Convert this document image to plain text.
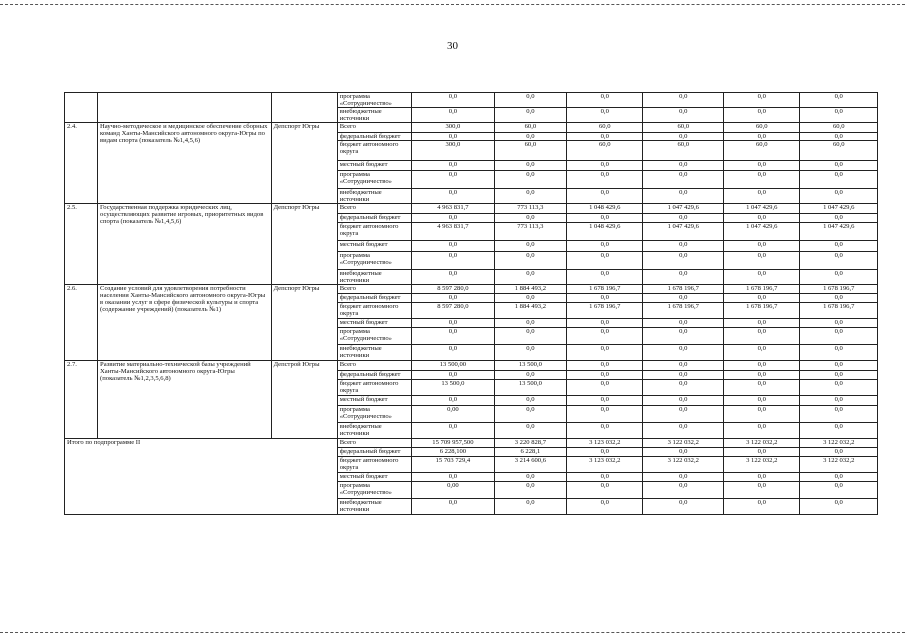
30
			программа «Сотрудничество»	0,0	0,0	0,0	0,0	0,0	0,0
			внебюджетные источники	0,0	0,0	0,0	0,0	0,0	0,0
2.4.	Научно-методическое и медицинское обеспечение сборных команд Ханты-Мансийского автономного округа-Югры по видам спорта (показатель №1,4,5,6)	Депспорт Югры	Всего	300,0	60,0	60,0	60,0	60,0	60,0
			федеральный бюджет	0,0	0,0	0,0	0,0	0,0	0,0
			бюджет автономного округа	300,0	60,0	60,0	60,0	60,0	60,0
			местный бюджет	0,0	0,0	0,0	0,0	0,0	0,0
			программа «Сотрудничество»	0,0	0,0	0,0	0,0	0,0	0,0
			внебюджетные источники	0,0	0,0	0,0	0,0	0,0	0,0
2.5.	Государственная поддержка юридических лиц, осуществляющих развитие игровых, приоритетных видов спорта (показатель №1,4,5,6)	Депспорт Югры	Всего	4 963 831,7	773 113,3	1 048 429,6	1 047 429,6	1 047 429,6	1 047 429,6
			федеральный бюджет	0,0	0,0	0,0	0,0	0,0	0,0
			бюджет автономного округа	4 963 831,7	773 113,3	1 048 429,6	1 047 429,6	1 047 429,6	1 047 429,6
			местный бюджет	0,0	0,0	0,0	0,0	0,0	0,0
			программа «Сотрудничество»	0,0	0,0	0,0	0,0	0,0	0,0
			внебюджетные источники	0,0	0,0	0,0	0,0	0,0	0,0
2.6.	Создание условий для удовлетворения потребности населения Ханты-Мансийского автономного округа-Югры в оказании услуг в сфере физической культуры и спорта (содержание учреждений) (показатель №1)	Депспорт Югры	Всего	8 597 280,0	1 884 493,2	1 678 196,7	1 678 196,7	1 678 196,7	1 678 196,7
			федеральный бюджет	0,0	0,0	0,0	0,0	0,0	0,0
			бюджет автономного округа	8 597 280,0	1 884 493,2	1 678 196,7	1 678 196,7	1 678 196,7	1 678 196,7
			местный бюджет	0,0	0,0	0,0	0,0	0,0	0,0
			программа «Сотрудничество»	0,0	0,0	0,0	0,0	0,0	0,0
			внебюджетные источники	0,0	0,0	0,0	0,0	0,0	0,0
2.7.	Развитие материально-технической базы учреждений Ханты-Мансийского автономного округа-Югры (показатель №1,2,3,5,6,8)	Депстрой Югры	Всего	13 500,00	13 500,0	0,0	0,0	0,0	0,0
			федеральный бюджет	0,0	0,0	0,0	0,0	0,0	0,0
			бюджет автономного округа	13 500,0	13 500,0	0,0	0,0	0,0	0,0
			местный бюджет	0,0	0,0	0,0	0,0	0,0	0,0
			программа «Сотрудничество»	0,00	0,0	0,0	0,0	0,0	0,0
			внебюджетные источники	0,0	0,0	0,0	0,0	0,0	0,0
Итого по подпрограмме II			Всего	15 709 957,500	3 220 828,7	3 123 032,2	3 122 032,2	3 122 032,2	3 122 032,2
			федеральный бюджет	6 228,100	6 228,1	0,0	0,0	0,0	0,0
			бюджет автономного округа	15 703 729,4	3 214 600,6	3 123 032,2	3 122 032,2	3 122 032,2	3 122 032,2
			местный бюджет	0,0	0,0	0,0	0,0	0,0	0,0
			программа «Сотрудничество»	0,00	0,0	0,0	0,0	0,0	0,0
			внебюджетные источники	0,0	0,0	0,0	0,0	0,0	0,0
